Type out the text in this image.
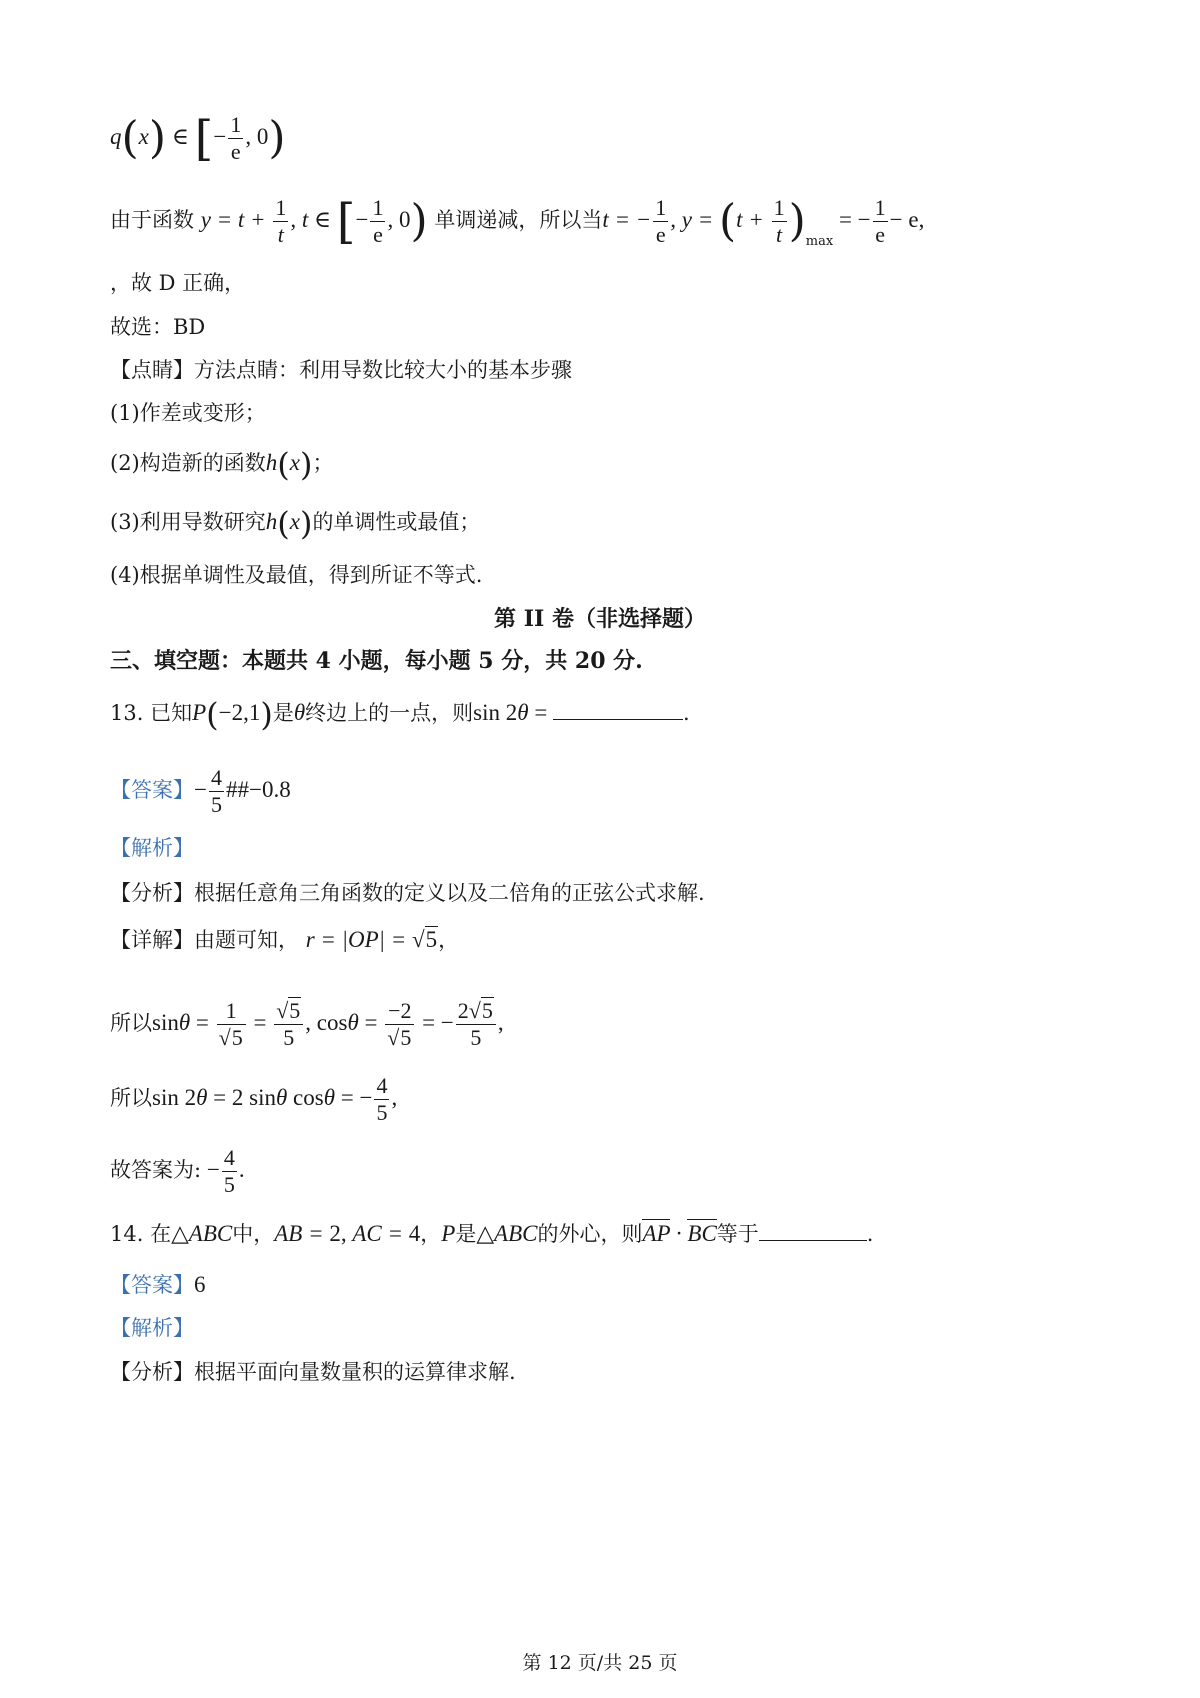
q(x) ∈ [− $\frac{1}{e}$ , 0)
由于函数 $y = t + \frac{1}{t}$ , t ∈ [− $\frac{1}{e}$ , 0) 单调递减，所以当t = − $\frac{1}{e}$ , $y = (t + \frac{1}{t} )_{max}$ = − $\frac{1}{e} - e$,
，故 D 正确，
故选：BD
【点睛】方法点睛：利用导数比较大小的基本步骤
(1)作差或变形；
(2)构造新的函数h(x)；
(3)利用导数研究h(x)的单调性或最值；
(4)根据单调性及最值，得到所证不等式.
第 II 卷（非选择题）
三、填空题：本题共 4 小题，每小题 5 分，共 20 分.
13. 已知P(−2,1)是θ终边上的一点，则sin 2θ =	.
【答案】− $\frac{4}{5}$ ##−0.8
【解析】
【分析】根据任意角三角函数的定义以及二倍角的正弦公式求解.
【详解】由题可知， r = |OP| = √5，
所以$\sin\theta = \frac{1}{√5} = \frac{√5}{5}$ , $\cos\theta = \frac{-2}{√5}$ = − $\frac{2√5}{5}$ ,
所以sin 2θ = 2 sinθ cosθ = − $\frac{4}{5}$ ,
故答案为: − $\frac{4}{5}$ .
14. 在△ABC中，AB = 2, AC = 4，P是△ABC的外心，则AP · BC等于	.
【答案】6
【解析】
【分析】根据平面向量数量积的运算律求解.
第 12 页/共 25 页
